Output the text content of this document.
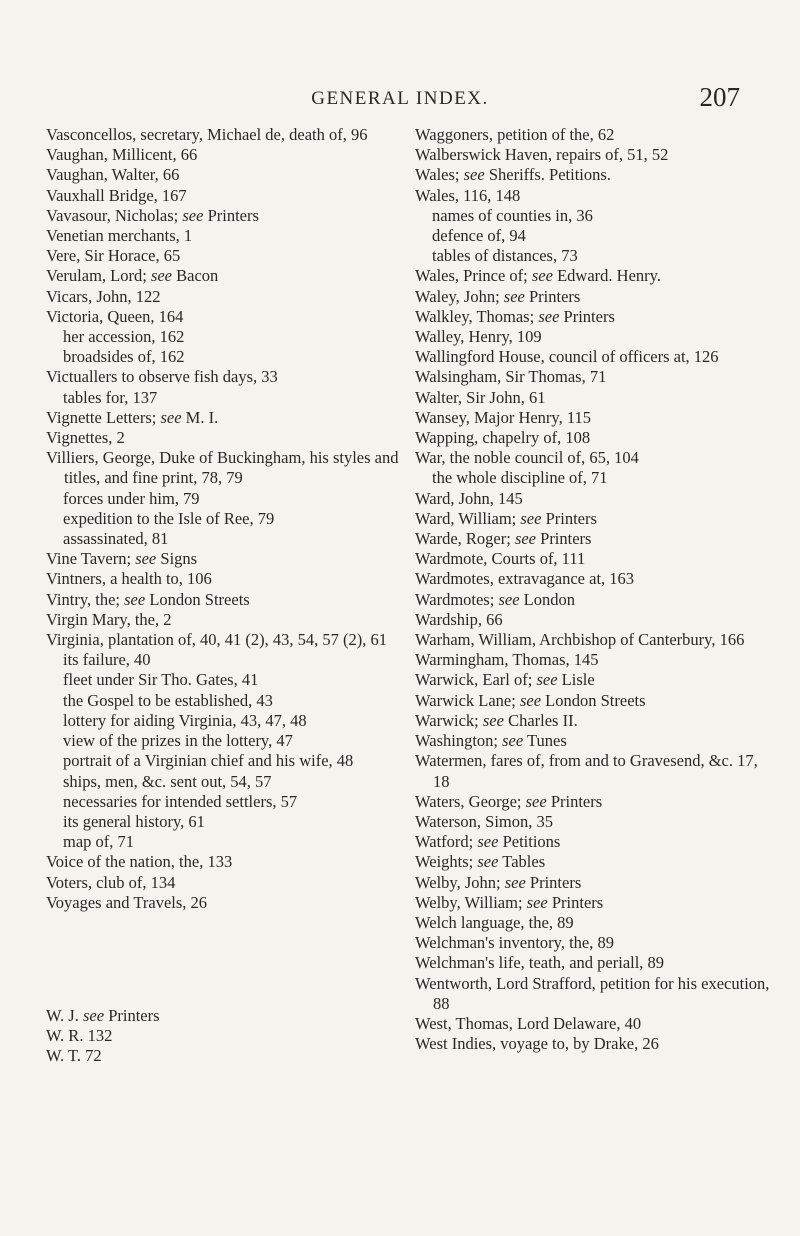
GENERAL INDEX.	207

Vasconcellos, secretary, Michael de, death of, 96

Vaughan, Millicent, 66

Vaughan, Walter, 66

Vauxhall Bridge, 167

Vavasour, Nicholas; see Printers

Venetian merchants, 1

Vere, Sir Horace, 65

Verulam, Lord; see Bacon

Vicars, John, 122

Victoria, Queen, 164

her accession, 162

broadsides of, 162

Victuallers to observe fish days, 33

tables for, 137

Vignette Letters; see M. I.

Vignettes, 2

Villiers, George, Duke of Buckingham, his styles and titles, and fine print, 78, 79

forces under him, 79

expedition to the Isle of Ree, 79

assassinated, 81

Vine Tavern; see Signs

Vintners, a health to, 106

Vintry, the; see London Streets

Virgin Mary, the, 2

Virginia, plantation of, 40, 41 (2), 43, 54, 57 (2), 61

its failure, 40

fleet under Sir Tho. Gates, 41

the Gospel to be established, 43

lottery for aiding Virginia, 43, 47, 48

view of the prizes in the lottery, 47

portrait of a Virginian chief and his wife, 48

ships, men, &c. sent out, 54, 57

necessaries for intended settlers, 57

its general history, 61

map of, 71

Voice of the nation, the, 133

Voters, club of, 134

Voyages and Travels, 26

W. J. see Printers

W. R. 132

W. T. 72

Waggoners, petition of the, 62

Walberswick Haven, repairs of, 51, 52

Wales; see Sheriffs. Petitions.

Wales, 116, 148

names of counties in, 36

defence of, 94

tables of distances, 73

Wales, Prince of; see Edward. Henry.

Waley, John; see Printers

Walkley, Thomas; see Printers

Walley, Henry, 109

Wallingford House, council of officers at, 126

Walsingham, Sir Thomas, 71

Walter, Sir John, 61

Wansey, Major Henry, 115

Wapping, chapelry of, 108

War, the noble council of, 65, 104

the whole discipline of, 71

Ward, John, 145

Ward, William; see Printers

Warde, Roger; see Printers

Wardmote, Courts of, 111

Wardmotes, extravagance at, 163

Wardmotes; see London

Wardship, 66

Warham, William, Archbishop of Canterbury, 166

Warmingham, Thomas, 145

Warwick, Earl of; see Lisle

Warwick Lane; see London Streets

Warwick; see Charles II.

Washington; see Tunes

Watermen, fares of, from and to Gravesend, &c. 17, 18

Waters, George; see Printers

Waterson, Simon, 35

Watford; see Petitions

Weights; see Tables

Welby, John; see Printers

Welby, William; see Printers

Welch language, the, 89

Welchman's inventory, the, 89

Welchman's life, teath, and periall, 89

Wentworth, Lord Strafford, petition for his execution, 88

West, Thomas, Lord Delaware, 40

West Indies, voyage to, by Drake, 26
